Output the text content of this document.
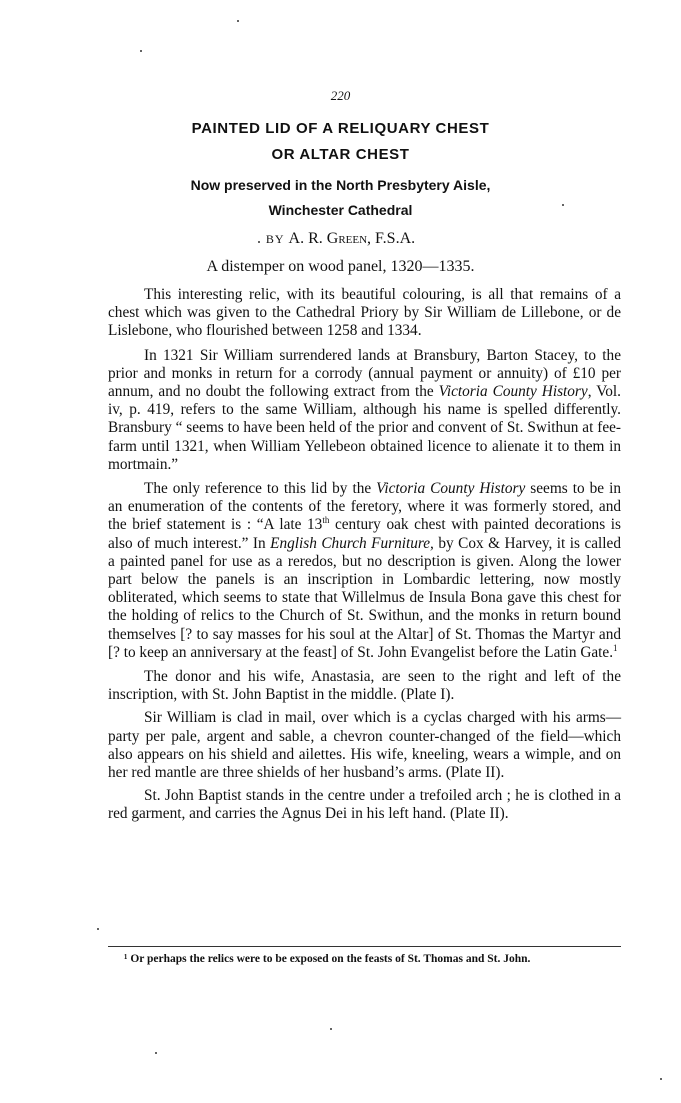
220
PAINTED LID OF A RELIQUARY CHEST
OR ALTAR CHEST
Now preserved in the North Presbytery Aisle,
Winchester Cathedral
BY A. R. Green, F.S.A.
A distemper on wood panel, 1320—1335.

This interesting relic, with its beautiful colouring, is all that remains of a chest which was given to the Cathedral Priory by Sir William de Lillebone, or de Lislebone, who flourished between 1258 and 1334.

In 1321 Sir William surrendered lands at Bransbury, Barton Stacey, to the prior and monks in return for a corrody (annual payment or annuity) of £10 per annum, and no doubt the following extract from the Victoria County History, Vol. iv, p. 419, refers to the same William, although his name is spelled differently. Bransbury “ seems to have been held of the prior and convent of St. Swithun at fee-farm until 1321, when William Yellebeon obtained licence to alienate it to them in mortmain.”

The only reference to this lid by the Victoria County History seems to be in an enumeration of the contents of the feretory, where it was formerly stored, and the brief statement is : “A late 13th century oak chest with painted decorations is also of much interest.” In English Church Furniture, by Cox & Harvey, it is called a painted panel for use as a reredos, but no description is given. Along the lower part below the panels is an inscription in Lombardic lettering, now mostly obliterated, which seems to state that Willelmus de Insula Bona gave this chest for the holding of relics to the Church of St. Swithun, and the monks in return bound themselves [? to say masses for his soul at the Altar] of St. Thomas the Martyr and [? to keep an anniversary at the feast] of St. John Evangelist before the Latin Gate.$^1$

The donor and his wife, Anastasia, are seen to the right and left of the inscription, with St. John Baptist in the middle. (Plate I).

Sir William is clad in mail, over which is a cyclas charged with his arms—party per pale, argent and sable, a chevron counter-changed of the field—which also appears on his shield and ailettes. His wife, kneeling, wears a wimple, and on her red mantle are three shields of her husband’s arms. (Plate II).

St. John Baptist stands in the centre under a trefoiled arch ; he is clothed in a red garment, and carries the Agnus Dei in his left hand. (Plate II).

¹ Or perhaps the relics were to be exposed on the feasts of St. Thomas and St. John.
